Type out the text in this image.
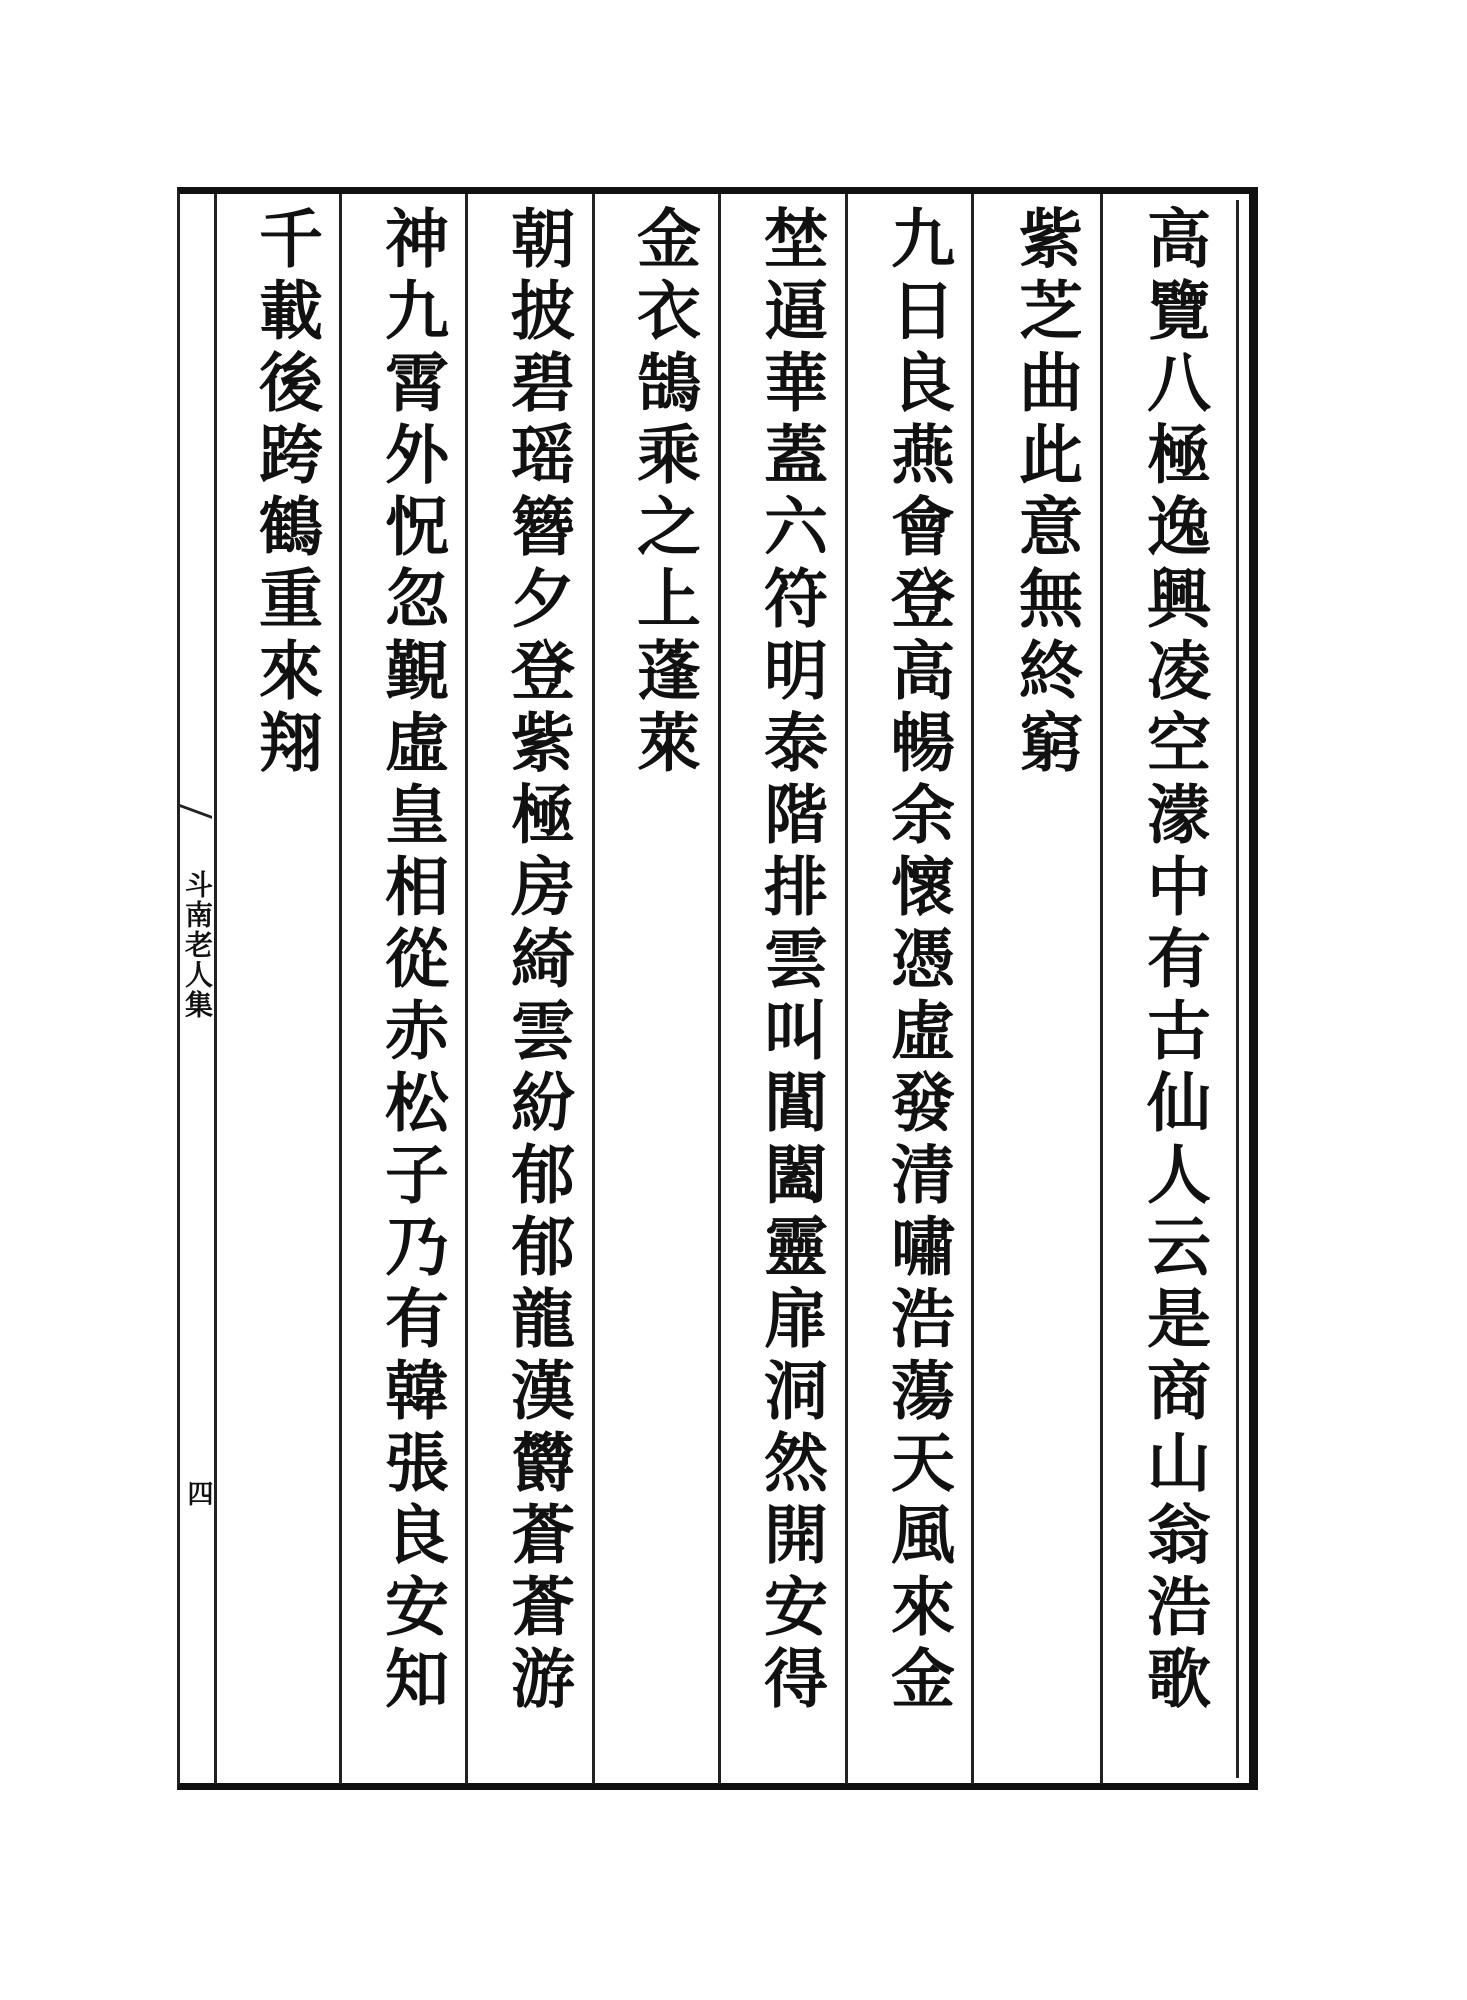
斗南老人集
四	高覽八極逸興凌空濛中有古仙人云是商山翁浩歌
紫芝曲此意無終窮
九日良燕會登高暢余懷憑虛發清嘯浩蕩天風來金
埜逼華蓋六符明泰階排雲叫閶闔靈扉洞然開安得
金衣鵠乘之上蓬萊
朝披碧瑶簪夕登紫極房綺雲紛郁郁龍漢欝蒼蒼游
神九霄外怳忽覲虛皇相從赤松子乃有韓張良安知
千載後跨鶴重來翔
